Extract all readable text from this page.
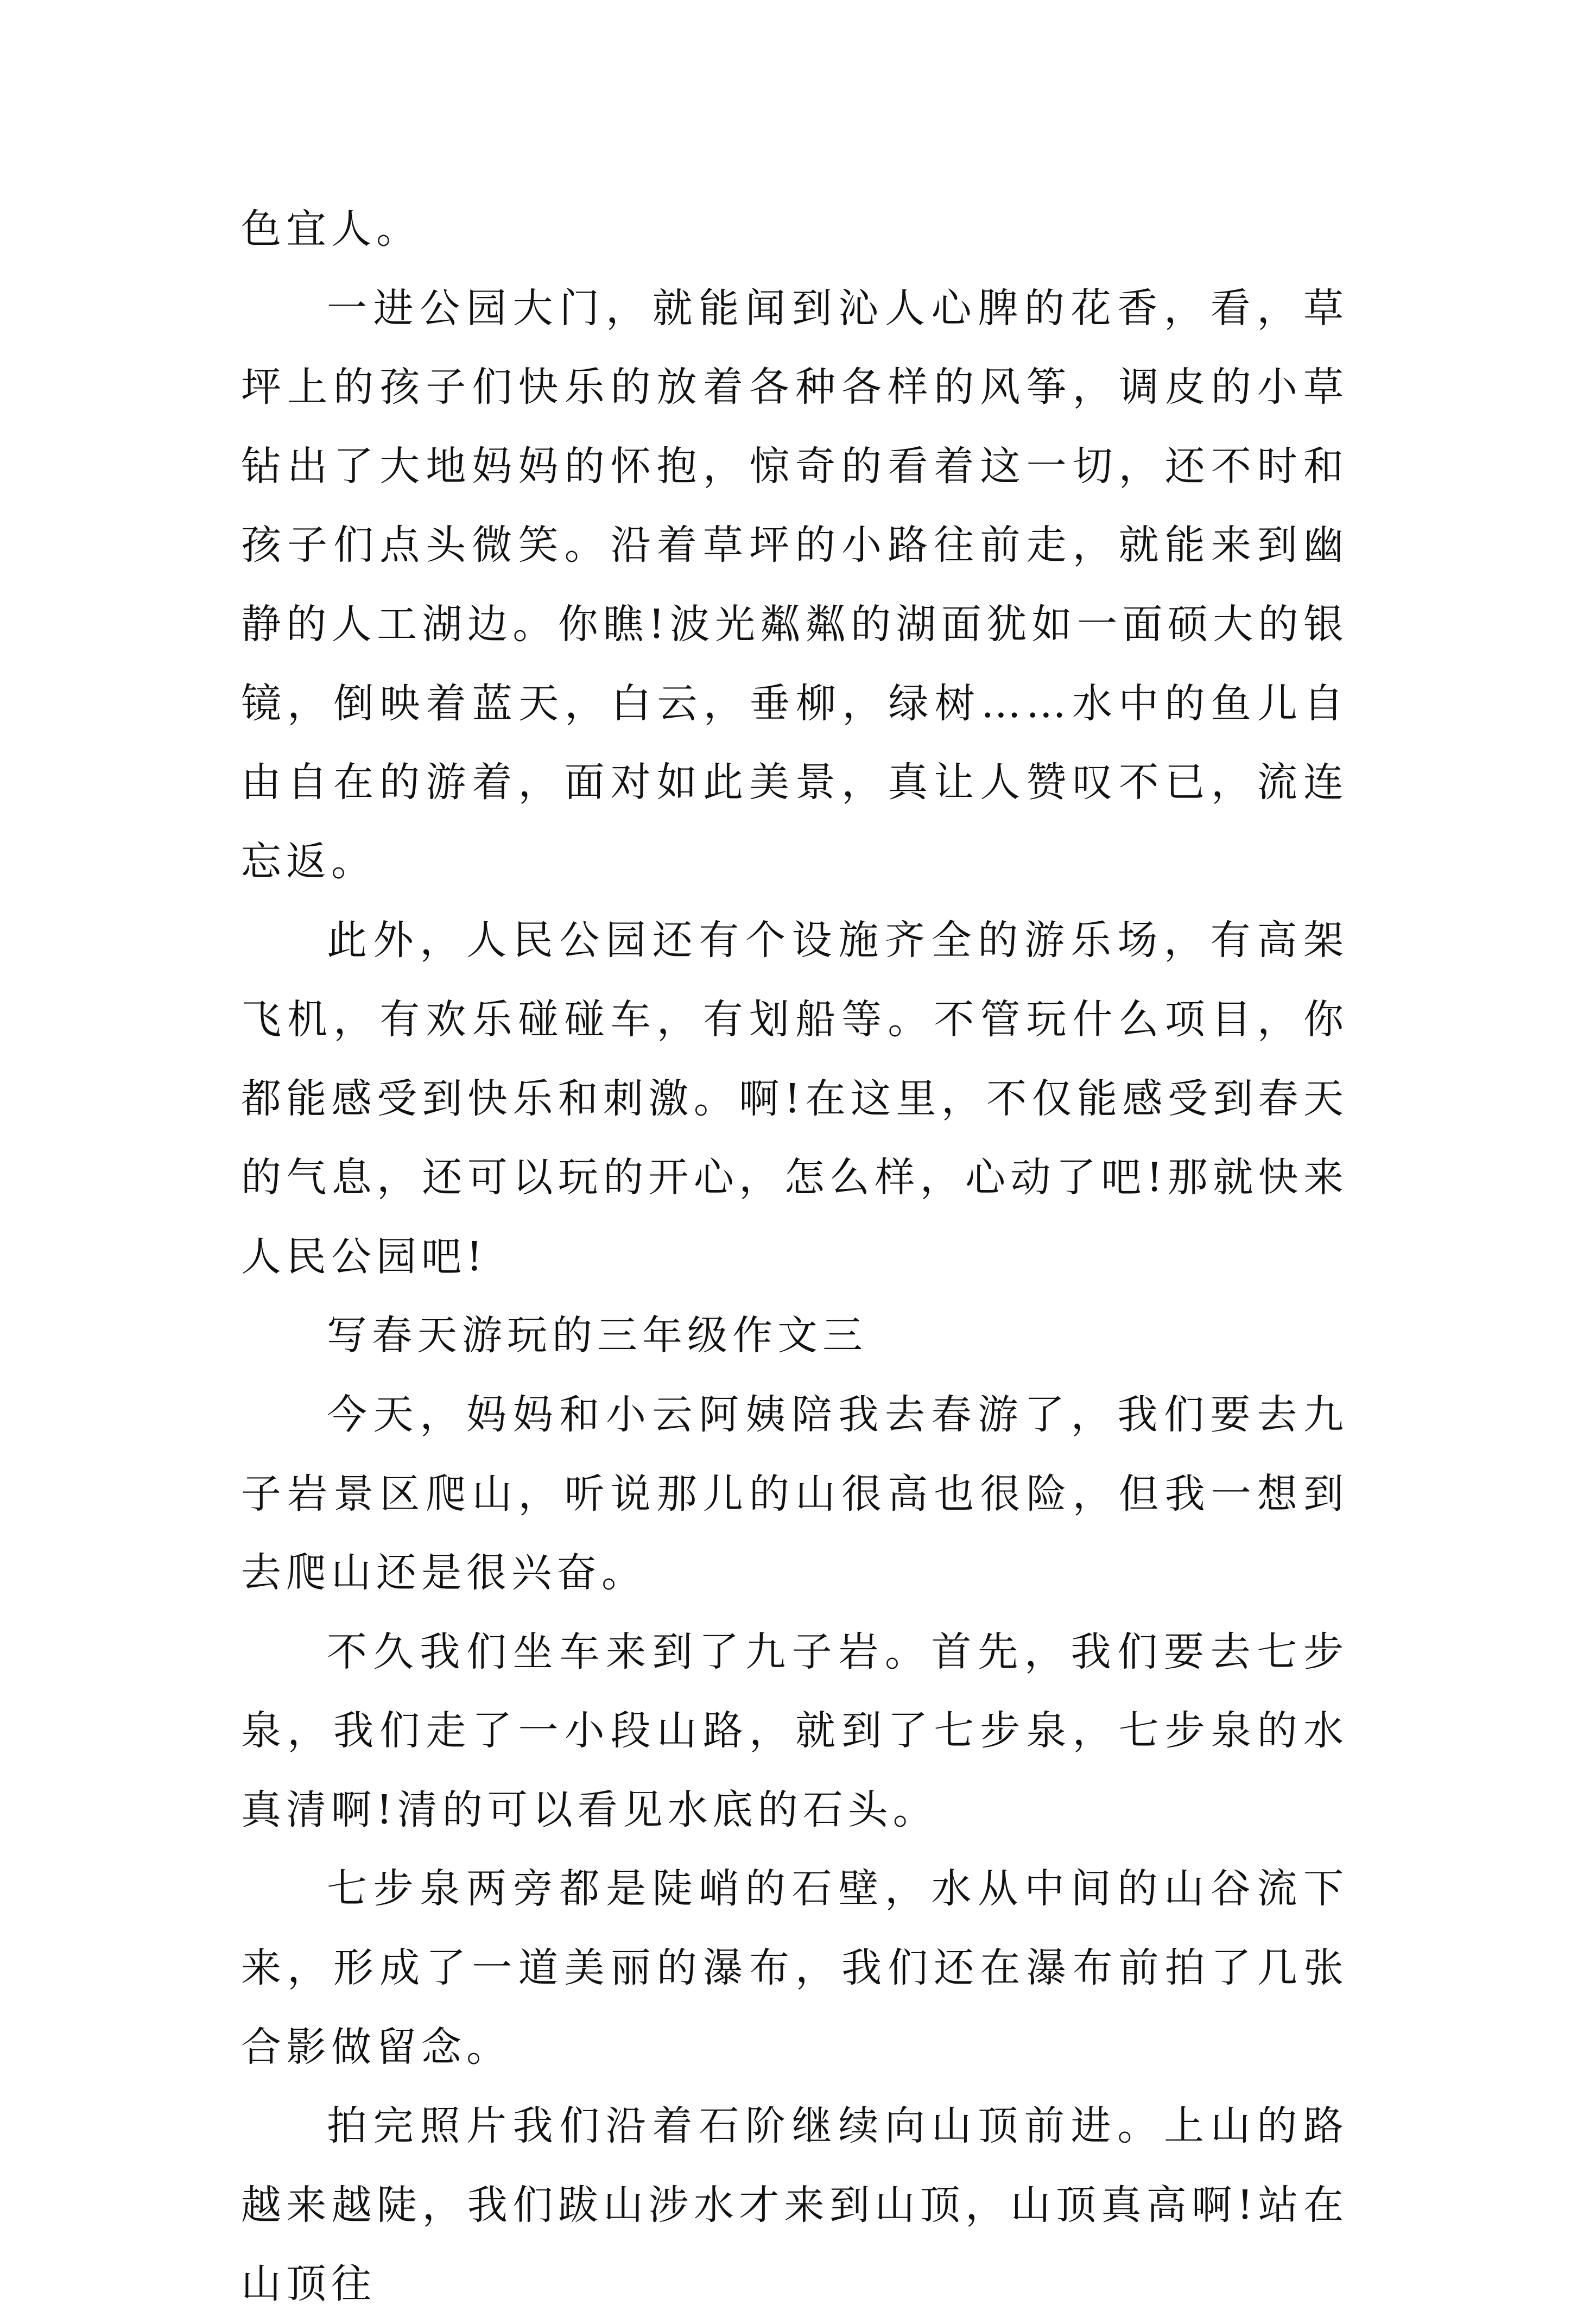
色宜人。

一进公园大门，就能闻到沁人心脾的花香，看，草坪上的孩子们快乐的放着各种各样的风筝，调皮的小草钻出了大地妈妈的怀抱，惊奇的看着这一切，还不时和孩子们点头微笑。沿着草坪的小路往前走，就能来到幽静的人工湖边。你瞧!波光粼粼的湖面犹如一面硕大的银镜，倒映着蓝天，白云，垂柳，绿树……水中的鱼儿自由自在的游着，面对如此美景，真让人赞叹不已，流连忘返。

此外，人民公园还有个设施齐全的游乐场，有高架飞机，有欢乐碰碰车，有划船等。不管玩什么项目，你都能感受到快乐和刺激。啊!在这里，不仅能感受到春天的气息，还可以玩的开心，怎么样，心动了吧!那就快来人民公园吧!

写春天游玩的三年级作文三

今天，妈妈和小云阿姨陪我去春游了，我们要去九子岩景区爬山，听说那儿的山很高也很险，但我一想到去爬山还是很兴奋。

不久我们坐车来到了九子岩。首先，我们要去七步泉，我们走了一小段山路，就到了七步泉，七步泉的水真清啊!清的可以看见水底的石头。

七步泉两旁都是陡峭的石壁，水从中间的山谷流下来，形成了一道美丽的瀑布，我们还在瀑布前拍了几张合影做留念。

拍完照片我们沿着石阶继续向山顶前进。上山的路越来越陡，我们跋山涉水才来到山顶，山顶真高啊!站在山顶往
